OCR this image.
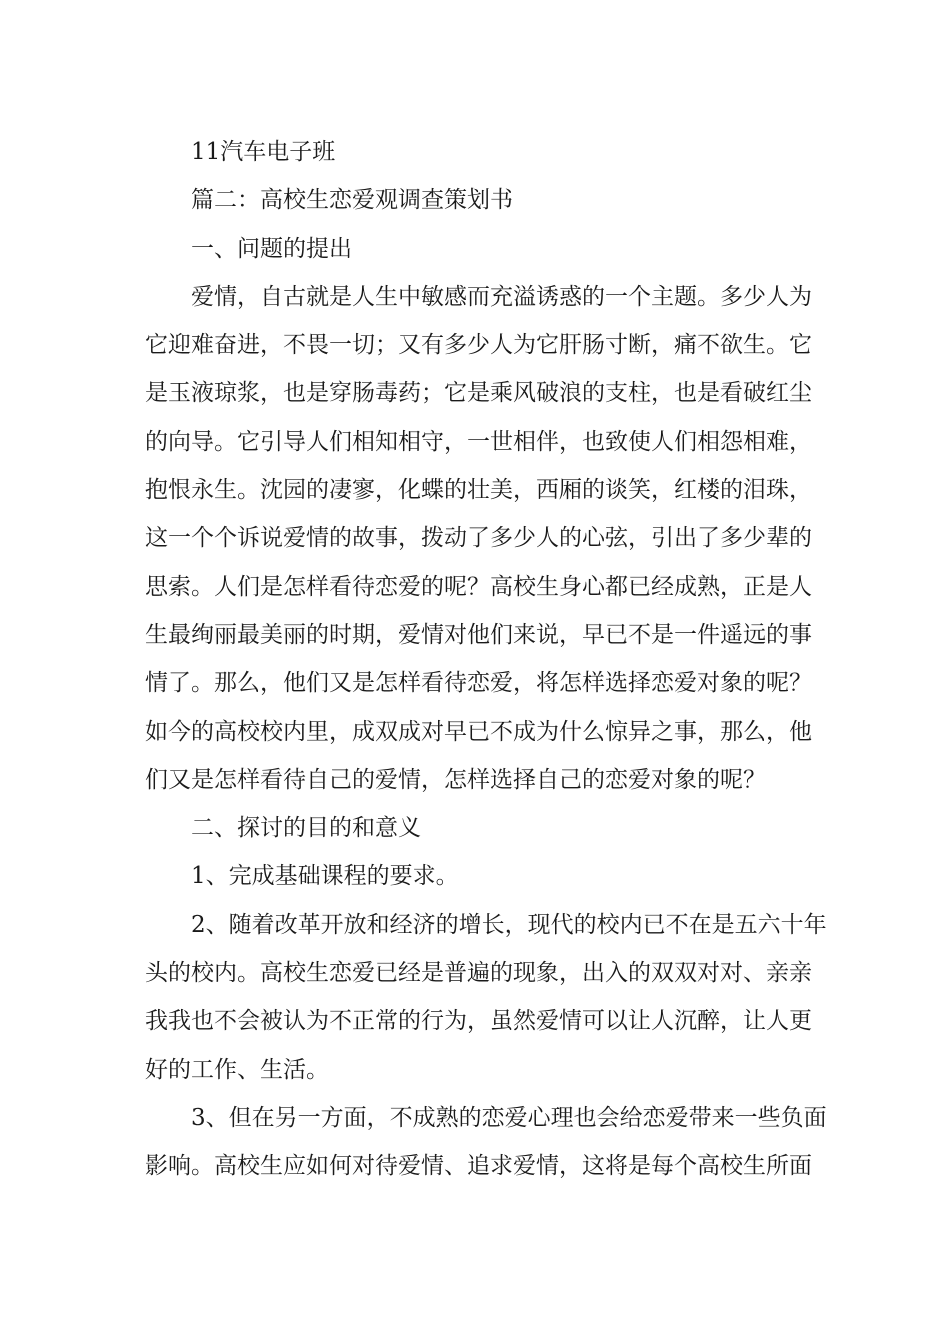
11汽车电子班
篇二：高校生恋爱观调查策划书
一、问题的提出
爱情，自古就是人生中敏感而充溢诱惑的一个主题。多少人为
它迎难奋进，不畏一切；又有多少人为它肝肠寸断，痛不欲生。它
是玉液琼浆，也是穿肠毒药；它是乘风破浪的支柱，也是看破红尘
的向导。它引导人们相知相守，一世相伴，也致使人们相怨相难，
抱恨永生。沈园的凄寥，化蝶的壮美，西厢的谈笑，红楼的泪珠，
这一个个诉说爱情的故事，拨动了多少人的心弦，引出了多少辈的
思索。人们是怎样看待恋爱的呢？高校生身心都已经成熟，正是人
生最绚丽最美丽的时期，爱情对他们来说，早已不是一件遥远的事
情了。那么，他们又是怎样看待恋爱，将怎样选择恋爱对象的呢？
如今的高校校内里，成双成对早已不成为什么惊异之事，那么，他
们又是怎样看待自己的爱情，怎样选择自己的恋爱对象的呢？
二、探讨的目的和意义
1、完成基础课程的要求。
2、随着改革开放和经济的增长，现代的校内已不在是五六十年
头的校内。高校生恋爱已经是普遍的现象，出入的双双对对、亲亲
我我也不会被认为不正常的行为，虽然爱情可以让人沉醉，让人更
好的工作、生活。
3、但在另一方面，不成熟的恋爱心理也会给恋爱带来一些负面
影响。高校生应如何对待爱情、追求爱情，这将是每个高校生所面
